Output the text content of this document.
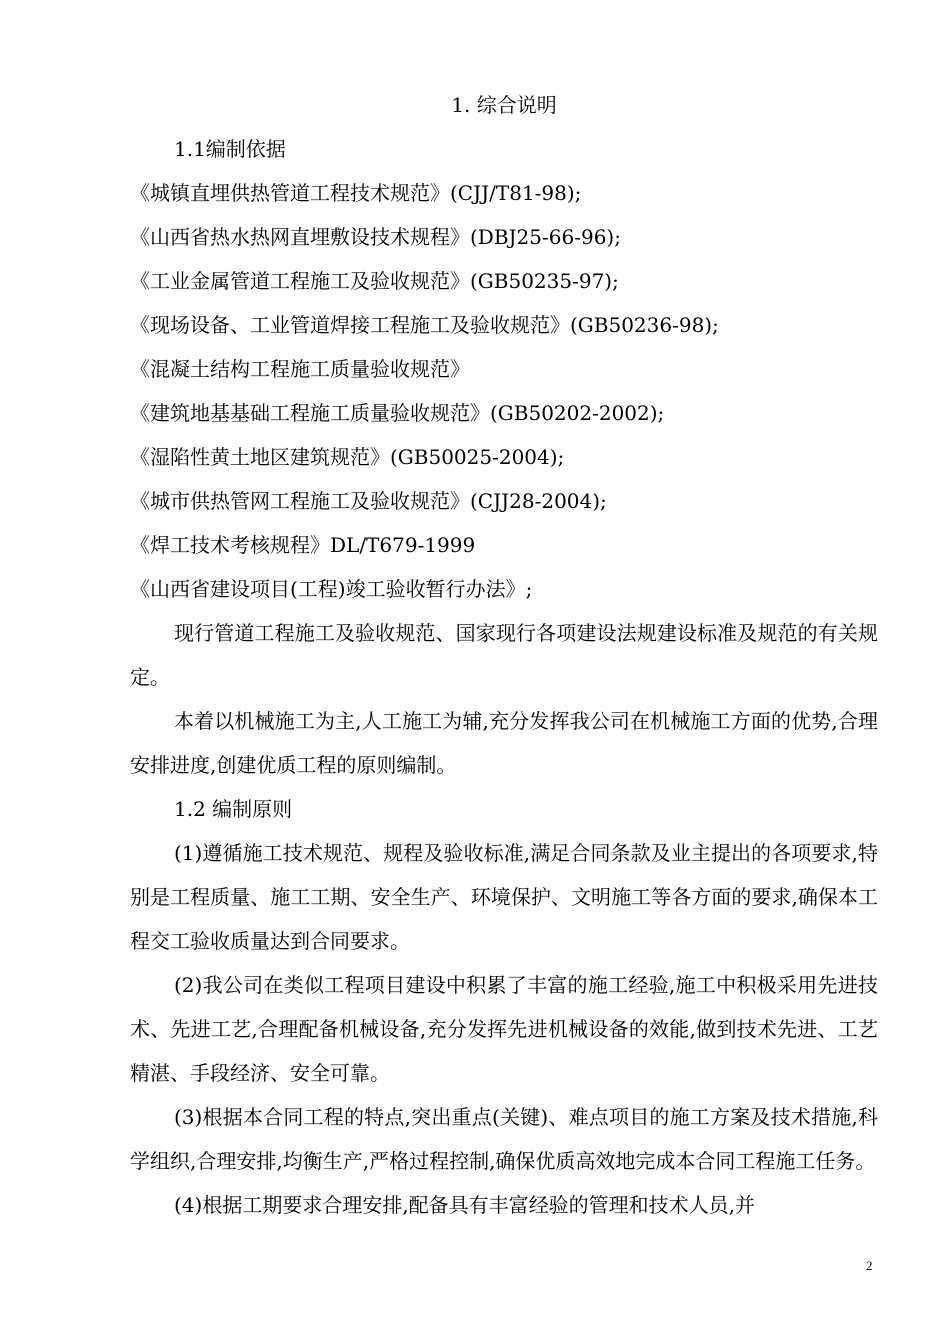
1. 综合说明

1.1编制依据

《城镇直埋供热管道工程技术规范》(CJJ/T81-98);

《山西省热水热网直埋敷设技术规程》(DBJ25-66-96);

《工业金属管道工程施工及验收规范》(GB50235-97);

《现场设备、工业管道焊接工程施工及验收规范》(GB50236-98);

《混凝土结构工程施工质量验收规范》

《建筑地基基础工程施工质量验收规范》(GB50202-2002);

《湿陷性黄土地区建筑规范》(GB50025-2004);

《城市供热管网工程施工及验收规范》(CJJ28-2004);

《焊工技术考核规程》DL/T679-1999

《山西省建设项目(工程)竣工验收暂行办法》;

现行管道工程施工及验收规范、国家现行各项建设法规建设标准及规范的有关规定。

本着以机械施工为主,人工施工为辅,充分发挥我公司在机械施工方面的优势,合理安排进度,创建优质工程的原则编制。

1.2 编制原则

(1)遵循施工技术规范、规程及验收标准,满足合同条款及业主提出的各项要求,特别是工程质量、施工工期、安全生产、环境保护、文明施工等各方面的要求,确保本工程交工验收质量达到合同要求。

(2)我公司在类似工程项目建设中积累了丰富的施工经验,施工中积极采用先进技术、先进工艺,合理配备机械设备,充分发挥先进机械设备的效能,做到技术先进、工艺精湛、手段经济、安全可靠。

(3)根据本合同工程的特点,突出重点(关键)、难点项目的施工方案及技术措施,科学组织,合理安排,均衡生产,严格过程控制,确保优质高效地完成本合同工程施工任务。

(4)根据工期要求合理安排,配备具有丰富经验的管理和技术人员,并

2
